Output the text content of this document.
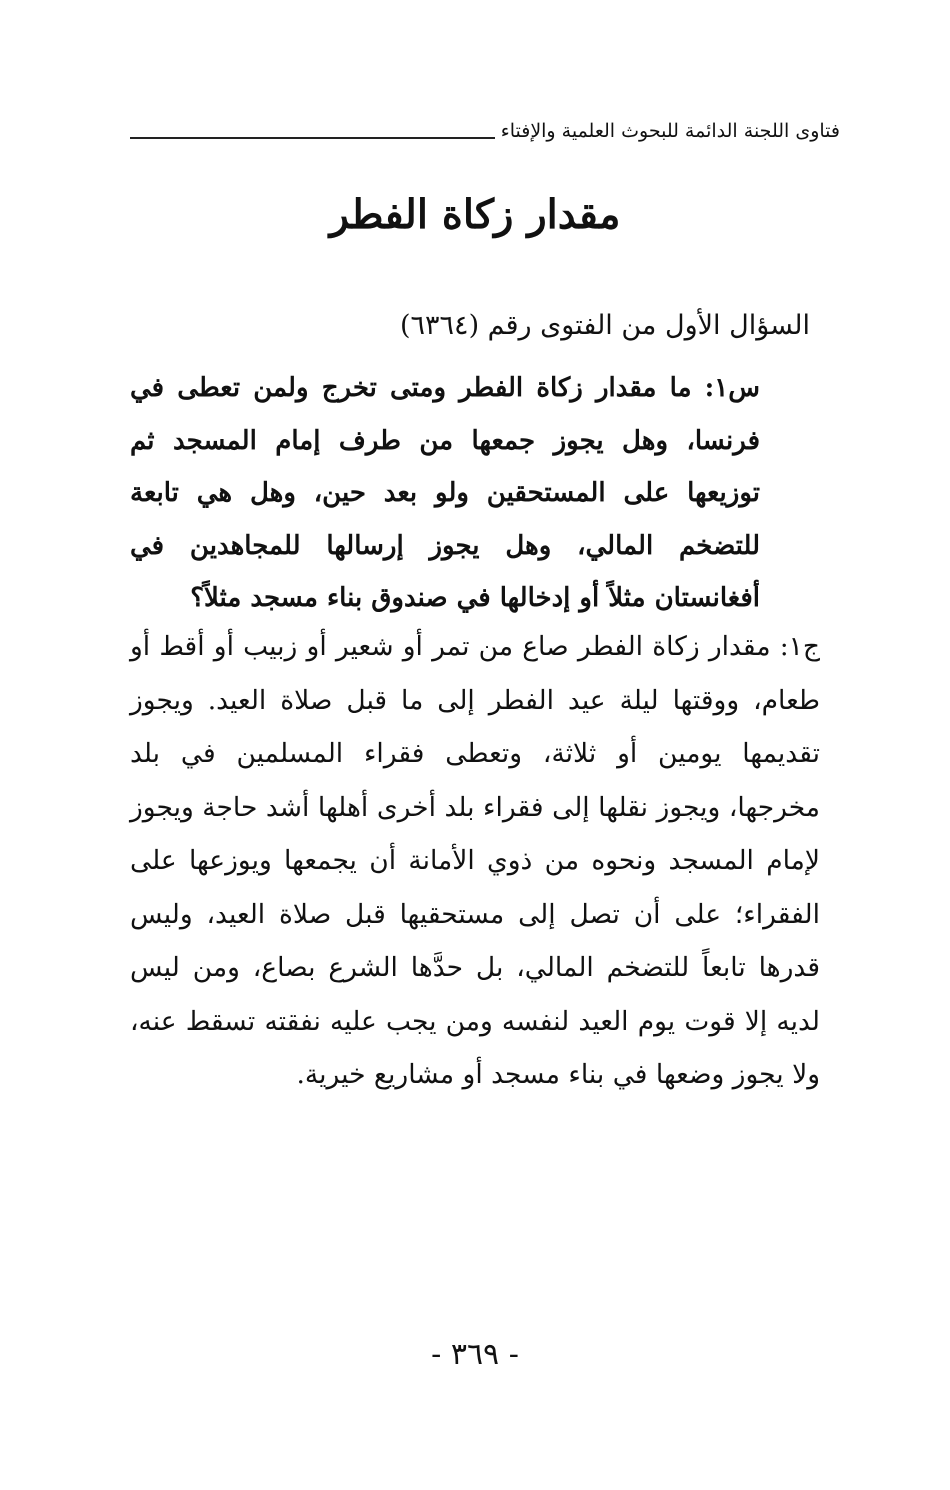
فتاوى اللجنة الدائمة للبحوث العلمية والإفتاء
مقدار زكاة الفطر

السؤال الأول من الفتوى رقم (٦٣٦٤)

س١: ما مقدار زكاة الفطر ومتى تخرج ولمن تعطى في فرنسا، وهل يجوز جمعها من طرف إمام المسجد ثم توزيعها على المستحقين ولو بعد حين، وهل هي تابعة للتضخم المالي، وهل يجوز إرسالها للمجاهدين في أفغانستان مثلاً أو إدخالها في صندوق بناء مسجد مثلاً؟

ج١: مقدار زكاة الفطر صاع من تمر أو شعير أو زبيب أو أقط أو طعام، ووقتها ليلة عيد الفطر إلى ما قبل صلاة العيد. ويجوز تقديمها يومين أو ثلاثة، وتعطى فقراء المسلمين في بلد مخرجها، ويجوز نقلها إلى فقراء بلد أخرى أهلها أشد حاجة ويجوز لإمام المسجد ونحوه من ذوي الأمانة أن يجمعها ويوزعها على الفقراء؛ على أن تصل إلى مستحقيها قبل صلاة العيد، وليس قدرها تابعاً للتضخم المالي، بل حدَّها الشرع بصاع، ومن ليس لديه إلا قوت يوم العيد لنفسه ومن يجب عليه نفقته تسقط عنه، ولا يجوز وضعها في بناء مسجد أو مشاريع خيرية.

- ٣٦٩ -
